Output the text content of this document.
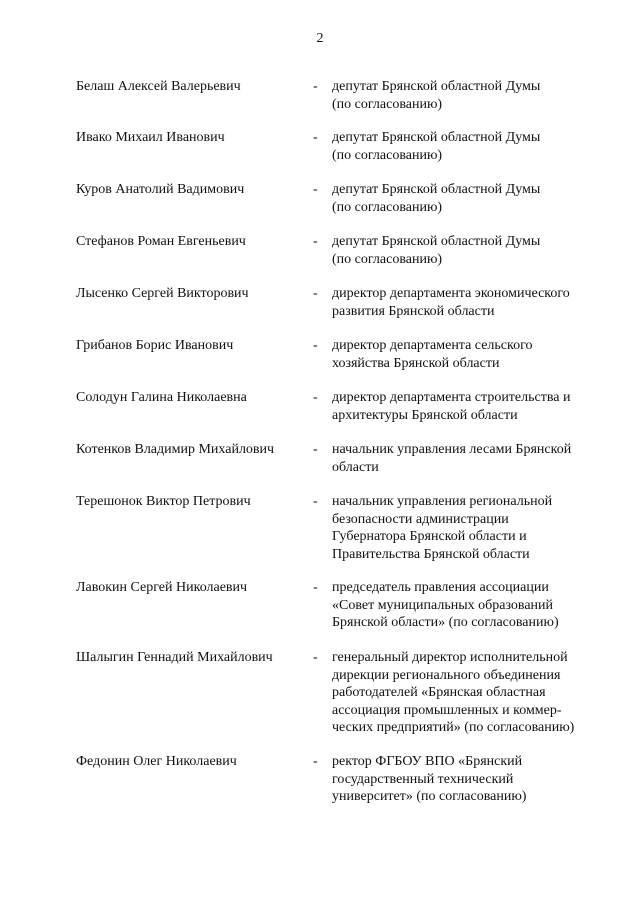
2
Белаш Алексей Валерьевич	- депутат Брянской областной Думы
(по согласованию)
Ивако Михаил Иванович	- депутат Брянской областной Думы
(по согласованию)
Куров Анатолий Вадимович	- депутат Брянской областной Думы
(по согласованию)
Стефанов Роман Евгеньевич	- депутат Брянской областной Думы
(по согласованию)
Лысенко Сергей Викторович	- директор департамента экономического
развития Брянской области
Грибанов Борис Иванович	- директор департамента сельского
хозяйства Брянской области
Солодун Галина Николаевна	- директор департамента строительства и
архитектуры Брянской области
Котенков Владимир Михайлович	- начальник управления лесами Брянской
области
Терешонок Виктор Петрович	- начальник управления региональной
безопасности администрации
Губернатора Брянской области и
Правительства Брянской области
Лавокин Сергей Николаевич	- председатель правления ассоциации
«Совет муниципальных образований
Брянской области» (по согласованию)
Шалыгин Геннадий Михайлович	- генеральный директор исполнительной
дирекции регионального объединения
работодателей «Брянская областная
ассоциация промышленных и коммер-
ческих предприятий» (по согласованию)
Федонин Олег Николаевич	- ректор ФГБОУ ВПО «Брянский
государственный технический
университет» (по согласованию)
